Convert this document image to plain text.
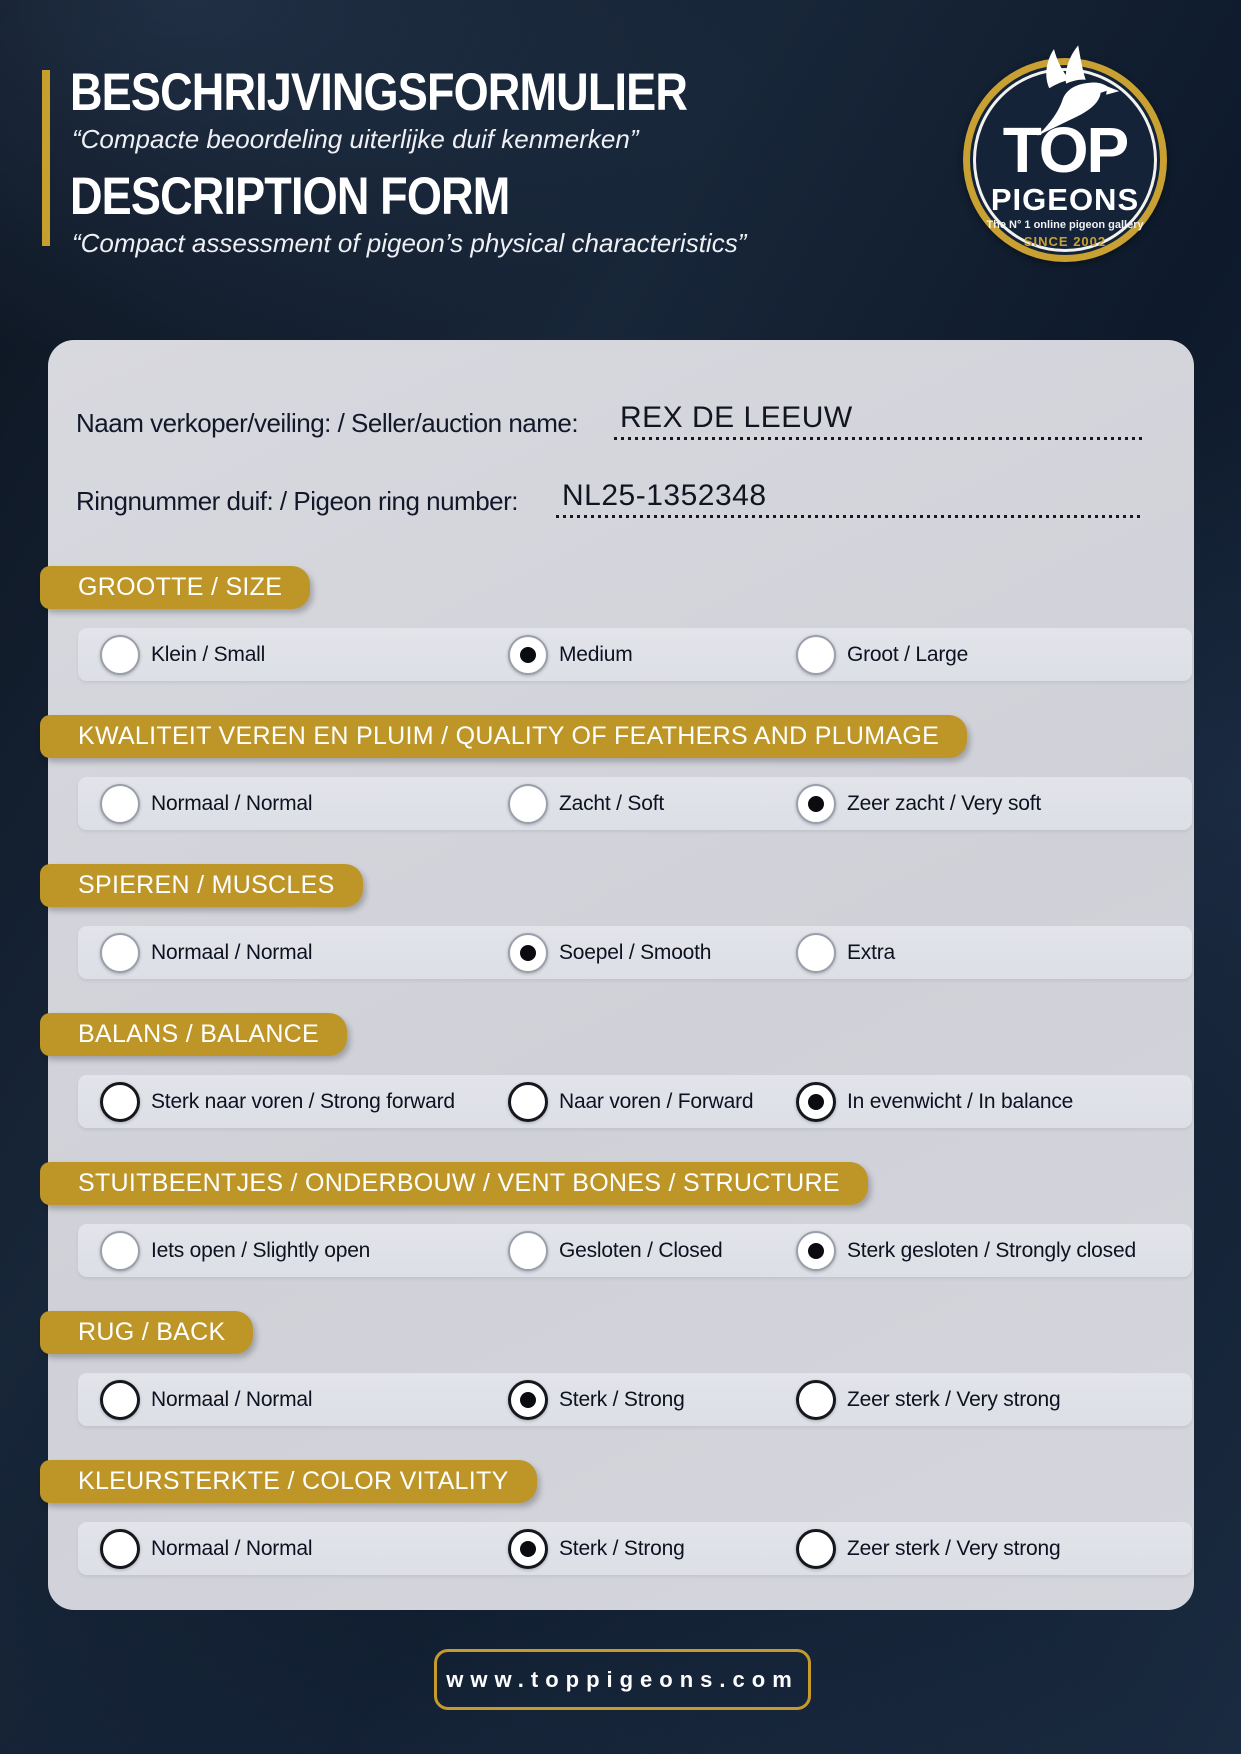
BESCHRIJVINGSFORMULIER
“Compacte beoordeling uiterlijke duif kenmerken”
DESCRIPTION FORM
“Compact assessment of pigeon’s physical characteristics”
TOP
PIGEONS
The N° 1 online pigeon gallery
SINCE 2002
Naam verkoper/veiling: / Seller/auction name: REX DE LEEUW
Ringnummer duif: / Pigeon ring number: NL25-1352348
GROOTTE / SIZE
Klein / Small	Medium	Groot / Large
KWALITEIT VEREN EN PLUIM / QUALITY OF FEATHERS AND PLUMAGE
Normaal / Normal	Zacht / Soft	Zeer zacht / Very soft
SPIEREN / MUSCLES
Normaal / Normal	Soepel / Smooth	Extra
BALANS / BALANCE
Sterk naar voren / Strong forward	Naar voren / Forward	In evenwicht / In balance
STUITBEENTJES / ONDERBOUW / VENT BONES / STRUCTURE
Iets open / Slightly open	Gesloten / Closed	Sterk gesloten / Strongly closed
RUG / BACK
Normaal / Normal	Sterk / Strong	Zeer sterk / Very strong
KLEURSTERKTE / COLOR VITALITY
Normaal / Normal	Sterk / Strong	Zeer sterk / Very strong
www.toppigeons.com
